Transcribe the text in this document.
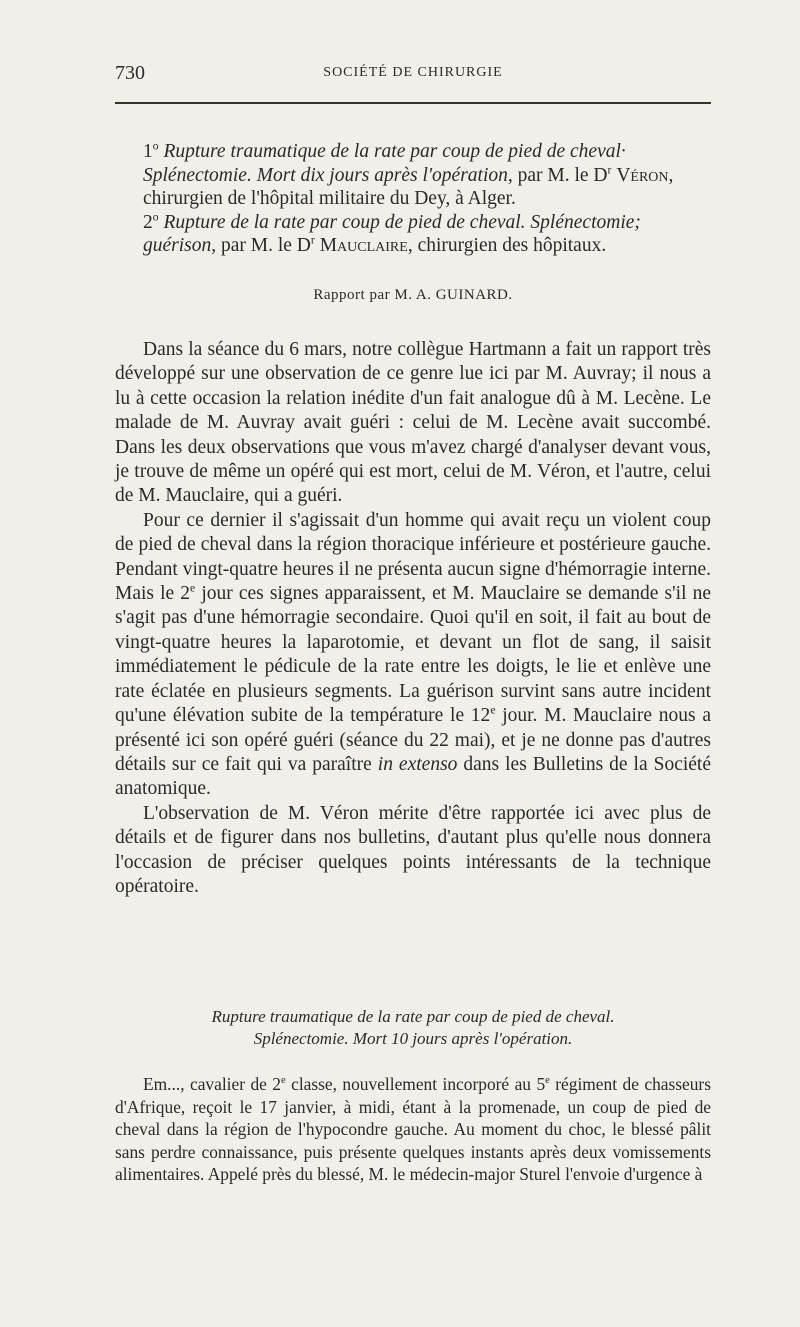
730	SOCIÉTÉ DE CHIRURGIE

1$^o$ Rupture traumatique de la rate par coup de pied de cheval· Splénectomie. Mort dix jours après l'opération, par M. le $D^r$ Véron, chirurgien de l'hôpital militaire du Dey, à Alger.

2$^o$ Rupture de la rate par coup de pied de cheval. Splénectomie; guérison, par M. le $D^r$ Mauclaire, chirurgien des hôpitaux.

Rapport par M. A. GUINARD.

Dans la séance du 6 mars, notre collègue Hartmann a fait un rapport très développé sur une observation de ce genre lue ici par M. Auvray; il nous a lu à cette occasion la relation inédite d'un fait analogue dû à M. Lecène. Le malade de M. Auvray avait guéri : celui de M. Lecène avait succombé. Dans les deux observations que vous m'avez chargé d'analyser devant vous, je trouve de même un opéré qui est mort, celui de M. Véron, et l'autre, celui de M. Mauclaire, qui a guéri.

Pour ce dernier il s'agissait d'un homme qui avait reçu un violent coup de pied de cheval dans la région thoracique inférieure et postérieure gauche. Pendant vingt-quatre heures il ne présenta aucun signe d'hémorragie interne. Mais le 2e jour ces signes apparaissent, et M. Mauclaire se demande s'il ne s'agit pas d'une hémorragie secondaire. Quoi qu'il en soit, il fait au bout de vingt-quatre heures la laparotomie, et devant un flot de sang, il saisit immédiatement le pédicule de la rate entre les doigts, le lie et enlève une rate éclatée en plusieurs segments. La guérison survint sans autre incident qu'une élévation subite de la température le 12e jour. M. Mauclaire nous a présenté ici son opéré guéri (séance du 22 mai), et je ne donne pas d'autres détails sur ce fait qui va paraître in extenso dans les Bulletins de la Société anatomique.

L'observation de M. Véron mérite d'être rapportée ici avec plus de détails et de figurer dans nos bulletins, d'autant plus qu'elle nous donnera l'occasion de préciser quelques points intéressants de la technique opératoire.

Rupture traumatique de la rate par coup de pied de cheval.

Splénectomie. Mort 10 jours après l'opération.

Em..., cavalier de 2e classe, nouvellement incorporé au 5e régiment de chasseurs d'Afrique, reçoit le 17 janvier, à midi, étant à la promenade, un coup de pied de cheval dans la région de l'hypocondre gauche. Au moment du choc, le blessé pâlit sans perdre connaissance, puis présente quelques instants après deux vomissements alimentaires. Appelé près du blessé, M. le médecin-major Sturel l'envoie d'urgence à
